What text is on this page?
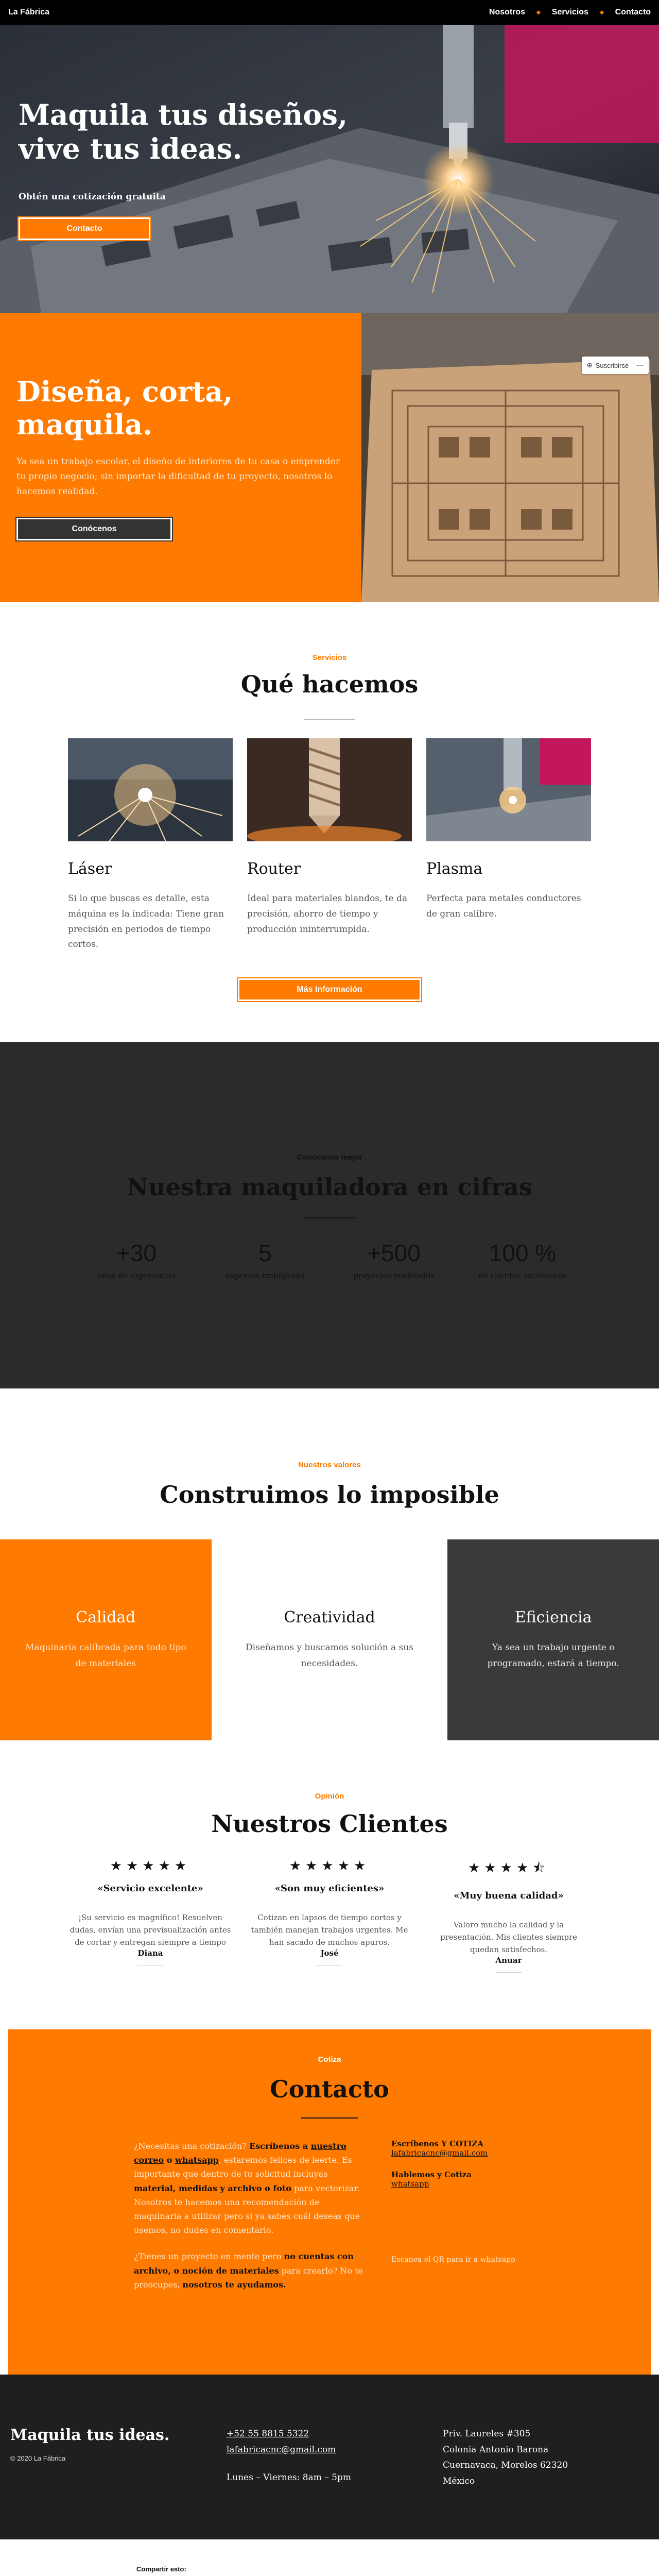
La Fábrica	Nosotros ◆ Servicios ◆ Contacto
Maquila tus diseños,
vive tus ideas.
Obtén una cotización gratuita
Contacto
Diseña, corta, maquila.

Ya sea un trabajo escolar, el diseño de interiores de tu casa o emprender tu propio negocio; sin importar la dificultad de tu proyecto, nosotros lo hacemos realidad.

Conócenos
⊕ Suscribirse ···
Servicios
Qué hacemos
Láser

Si lo que buscas es detalle, esta máquina es la indicada: Tiene gran precisión en periodos de tiempo cortos.

Router

Ideal para materiales blandos, te da precisión, ahorro de tiempo y producción ininterrumpida.

Plasma

Perfecta para metales conductores de gran calibre.

Más Información
Conócenos mejor
Nuestra maquiladora en cifras
+30
años de experiencia
5
expertos trabajando
+500
proyectos realizados
100 %
de clientes satisfechos
Nuestros valores
Construimos lo imposible
Calidad

Maquinaria calibrada para todo tipo de materiales

Creatividad

Diseñamos y buscamos solución a sus necesidades.

Eficiencia

Ya sea un trabajo urgente o programado, estará a tiempo.

Opinión
Nuestros Clientes
★★★★★
«Servicio excelente»
¡Su servicio es magnífico! Resuelven dudas, envían una previsualización antes de cortar y entregan siempre a tiempo
Diana
★★★★★
«Son muy eficientes»
Cotizan en lapsos de tiempo cortos y también manejan trabajos urgentes. Me han sacado de muchos apuros.
José
★★★★⯪
«Muy buena calidad»
Valoro mucho la calidad y la presentación. Mis clientes siempre quedan satisfechos.
Anuar
Cotiza
Contacto

¿Necesitas una cotización? Escríbenos a nuestro correo o whatsapp, estaremos felices de leerte. Es importante que dentro de tu solicitud incluyas material, medidas y archivo o foto para vectorizar. Nosotros te hacemos una recomendación de maquinaria a utilizar pero si ya sabes cuál deseas que usemos, no dudes en comentarlo.

¿Tienes un proyecto en mente pero no cuentas con archivo, o noción de materiales para crearlo? No te preocupes, nosotros te ayudamos.

Escríbenos Y COTIZA
lafabricacnc@gmail.com
Hablemos y Cotiza
whatsapp
Escanea el QR para ir a whatsapp
Maquila tus ideas.
© 2020 La Fábrica
+52 55 8815 5322
lafabricacnc@gmail.com
Lunes – Viernes: 8am – 5pm
Priv. Laureles #305
Colonia Antonio Barona
Cuernavaca, Morelos 62320
México
Compartir esto:
